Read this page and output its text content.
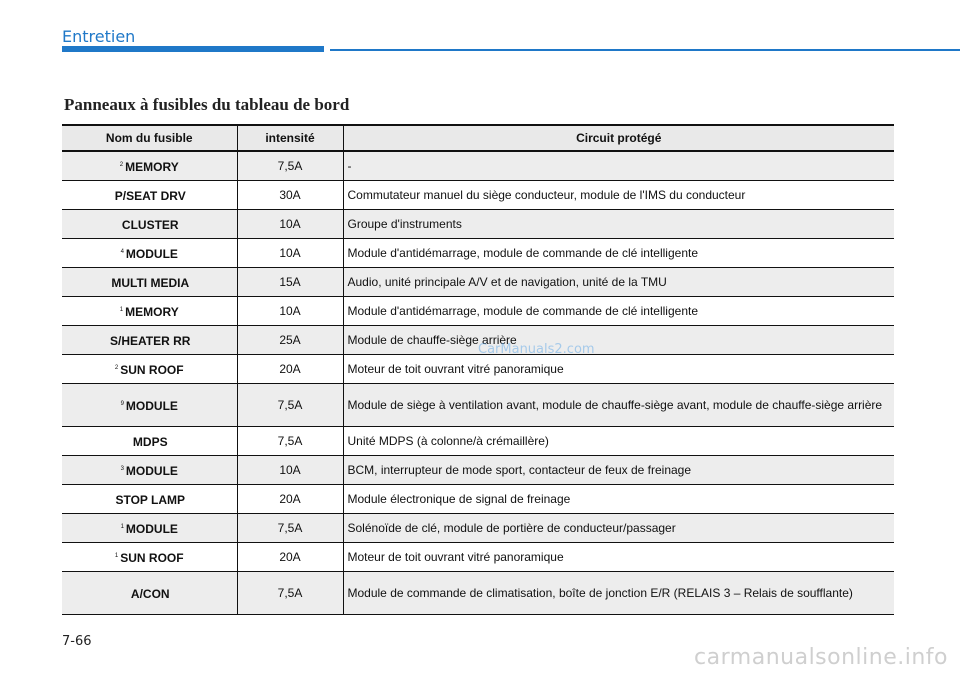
Entretien
Panneaux à fusibles du tableau de bord
Nom du fusible	intensité	Circuit protégé
$^2$ MEMORY	7,5A	-
P/SEAT DRV	30A	Commutateur manuel du siège conducteur, module de l'IMS du conducteur
CLUSTER	10A	Groupe d'instruments
$^4$ MODULE	10A	Module d'antidémarrage, module de commande de clé intelligente
MULTI MEDIA	15A	Audio, unité principale A/V et de navigation, unité de la TMU
$^1$ MEMORY	10A	Module d'antidémarrage, module de commande de clé intelligente
S/HEATER RR	25A	Module de chauffe-siège arrière
$^2$ SUN ROOF	20A	Moteur de toit ouvrant vitré panoramique
$^9$ MODULE	7,5A	Module de siège à ventilation avant, module de chauffe-siège avant, module de chauffe-siège arrière
MDPS	7,5A	Unité MDPS (à colonne/à crémaillère)
$^3$ MODULE	10A	BCM, interrupteur de mode sport, contacteur de feux de freinage
STOP LAMP	20A	Module électronique de signal de freinage
$^1$ MODULE	7,5A	Solénoïde de clé, module de portière de conducteur/passager
$^1$ SUN ROOF	20A	Moteur de toit ouvrant vitré panoramique
A/CON	7,5A	Module de commande de climatisation, boîte de jonction E/R (RELAIS 3 – Relais de soufflante)
CarManuals2.com
7-66
carmanualsonline.info
